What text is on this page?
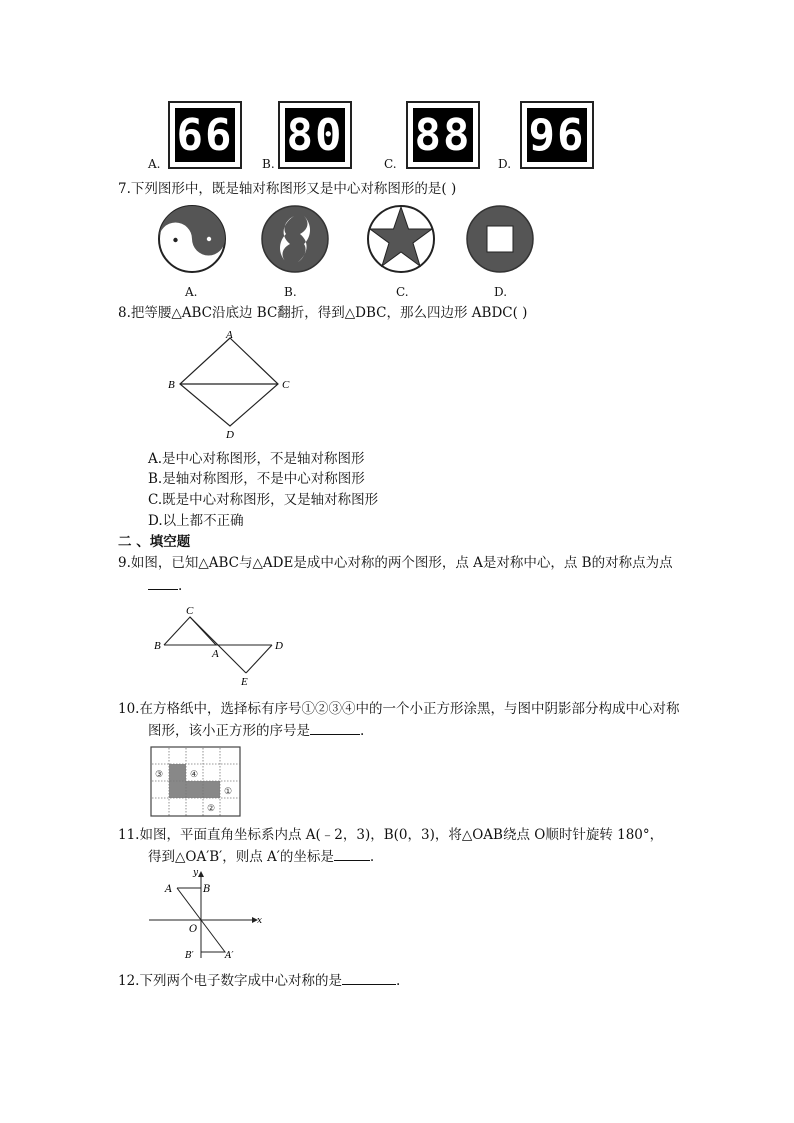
66
A.
80
B.
88
C.
96
D.
7.下列图形中，既是轴对称图形又是中心对称图形的是( )
A.	B.	C.	D.
8.把等腰△ABC沿底边 BC翻折，得到△DBC，那么四边形 ABDC( )
A
B	C
D
A.是中心对称图形，不是轴对称图形
B.是轴对称图形，不是中心对称图形
C.既是中心对称图形，又是轴对称图形
D.以上都不正确
二 、填空题
9.如图，已知△ABC与△ADE是成中心对称的两个图形，点 A是对称中心，点 B的对称点为点
.
C
B
A
D
E
10.在方格纸中，选择标有序号①②③④中的一个小正方形涂黑，与图中阴影部分构成中心对称
图形，该小正方形的序号是	.
③	④
①
②
11.如图，平面直角坐标系内点 A(﹣2，3)，B(0，3)，将△OAB绕点 O顺时针旋转 180°，
得到△OA′B′，则点 A′的坐标是	.
y
x
A	B
O
B′	A′
12.下列两个电子数字成中心对称的是	.
